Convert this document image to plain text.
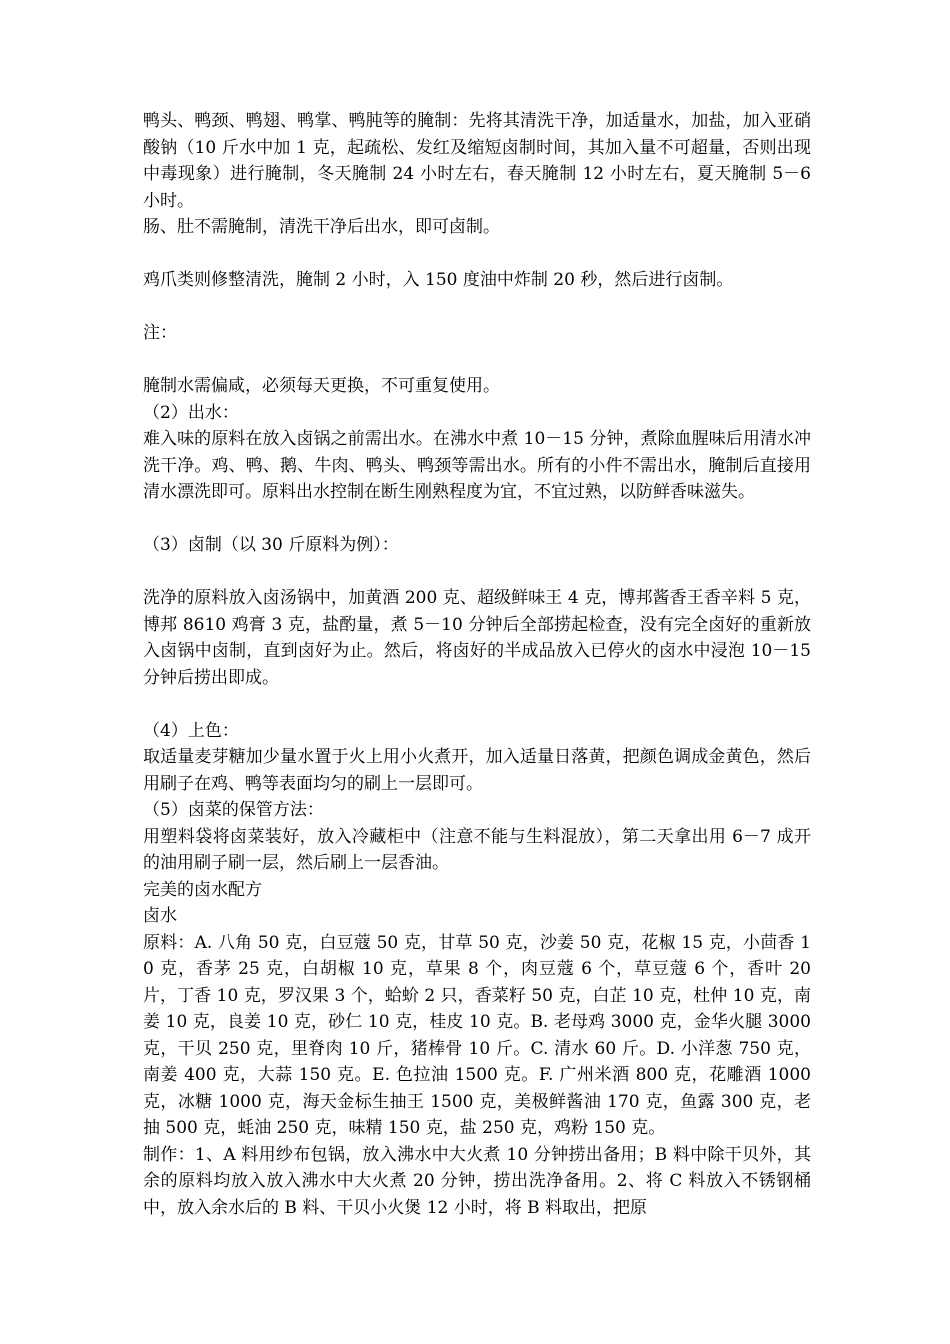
鸭头、鸭颈、鸭翅、鸭掌、鸭肫等的腌制：先将其清洗干净，加适量水，加盐，加入亚硝酸钠（10 斤水中加 1 克，起疏松、发红及缩短卤制时间，其加入量不可超量，否则出现中毒现象）进行腌制，冬天腌制 24 小时左右，春天腌制 12 小时左右，夏天腌制 5－6 小时。

肠、肚不需腌制，清洗干净后出水，即可卤制。

鸡爪类则修整清洗，腌制 2 小时，入 150 度油中炸制 20 秒，然后进行卤制。

注：

腌制水需偏咸，必须每天更换，不可重复使用。

（2）出水：

难入味的原料在放入卤锅之前需出水。在沸水中煮 10－15 分钟，煮除血腥味后用清水冲洗干净。鸡、鸭、鹅、牛肉、鸭头、鸭颈等需出水。所有的小件不需出水，腌制后直接用清水漂洗即可。原料出水控制在断生刚熟程度为宜，不宜过熟，以防鲜香味滋失。

（3）卤制（以 30 斤原料为例）：

洗净的原料放入卤汤锅中，加黄酒 200 克、超级鲜味王 4 克，博邦酱香王香辛料 5 克，博邦 8610 鸡膏 3 克，盐酌量，煮 5－10 分钟后全部捞起检查，没有完全卤好的重新放入卤锅中卤制，直到卤好为止。然后，将卤好的半成品放入已停火的卤水中浸泡 10－15 分钟后捞出即成。

（4）上色：

取适量麦芽糖加少量水置于火上用小火煮开，加入适量日落黄，把颜色调成金黄色，然后用刷子在鸡、鸭等表面均匀的刷上一层即可。

（5）卤菜的保管方法：

用塑料袋将卤菜装好，放入冷藏柜中（注意不能与生料混放），第二天拿出用 6－7 成开的油用刷子刷一层，然后刷上一层香油。

完美的卤水配方

卤水

原料：A. 八角 50 克，白豆蔻 50 克，甘草 50 克，沙姜 50 克，花椒 15 克，小茴香 10 克，香茅 25 克，白胡椒 10 克，草果 8 个，肉豆蔻 6 个，草豆蔻 6 个，香叶 20 片，丁香 10 克，罗汉果 3 个，蛤蚧 2 只，香菜籽 50 克，白芷 10 克，杜仲 10 克，南姜 10 克，良姜 10 克，砂仁 10 克，桂皮 10 克。B. 老母鸡 3000 克，金华火腿 3000 克，干贝 250 克，里脊肉 10 斤，猪棒骨 10 斤。C. 清水 60 斤。D. 小洋葱 750 克，南姜 400 克，大蒜 150 克。E. 色拉油 1500 克。F. 广州米酒 800 克，花雕酒 1000 克，冰糖 1000 克，海天金标生抽王 1500 克，美极鲜酱油 170 克，鱼露 300 克，老抽 500 克，蚝油 250 克，味精 150 克，盐 250 克，鸡粉 150 克。

制作：1、A 料用纱布包锅，放入沸水中大火煮 10 分钟捞出备用；B 料中除干贝外，其余的原料均放入放入沸水中大火煮 20 分钟，捞出洗净备用。2、将 C 料放入不锈钢桶中，放入余水后的 B 料、干贝小火煲 12 小时，将 B 料取出，把原
